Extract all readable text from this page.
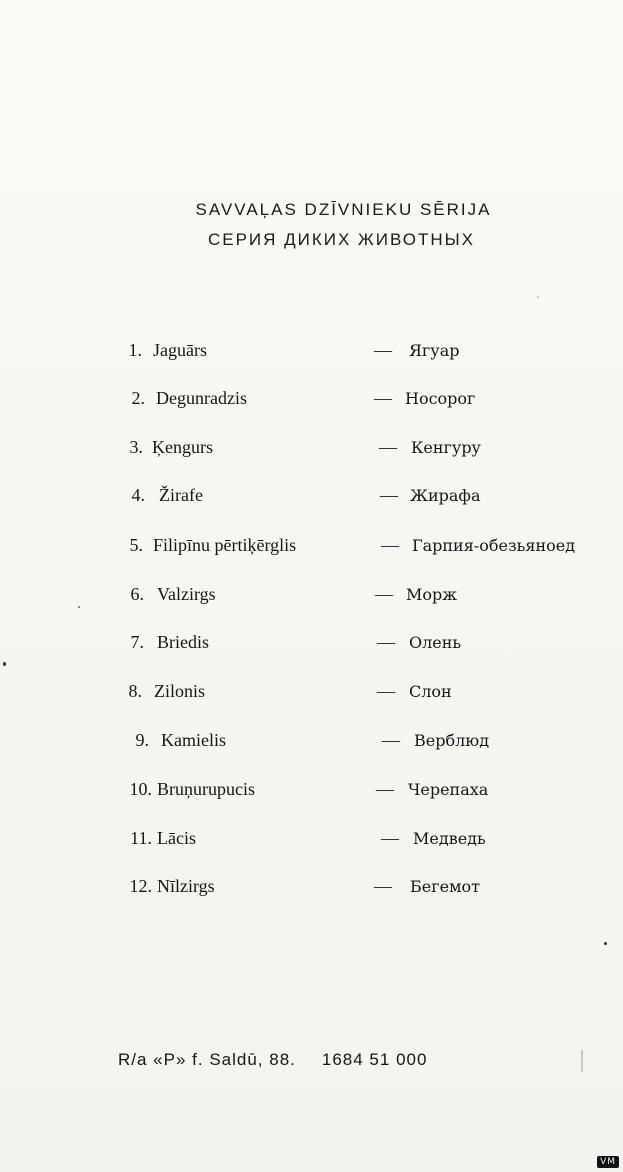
SAVVAĻAS DZĪVNIEKU SĒRIJA
СЕРИЯ ДИКИХ ЖИВОТНЫХ
1. Jaguārs	— Ягуар
2. Degunradzis	— Носорог
3. Ķengurs	— Кенгуру
4. Žirafe	— Жирафа
5. Filipīnu pērtiķērglis	— Гарпия-обезьяноед
6. Valzirgs	— Морж
7. Briedis	— Олень
8. Zilonis	— Слон
9. Kamielis	— Верблюд
10. Bruņurupucis	— Черепаха
11. Lācis	— Медведь
12. Nīlzirgs	— Бегемот
R/a «P» f. Saldū, 88. 1684 51 000
VM
